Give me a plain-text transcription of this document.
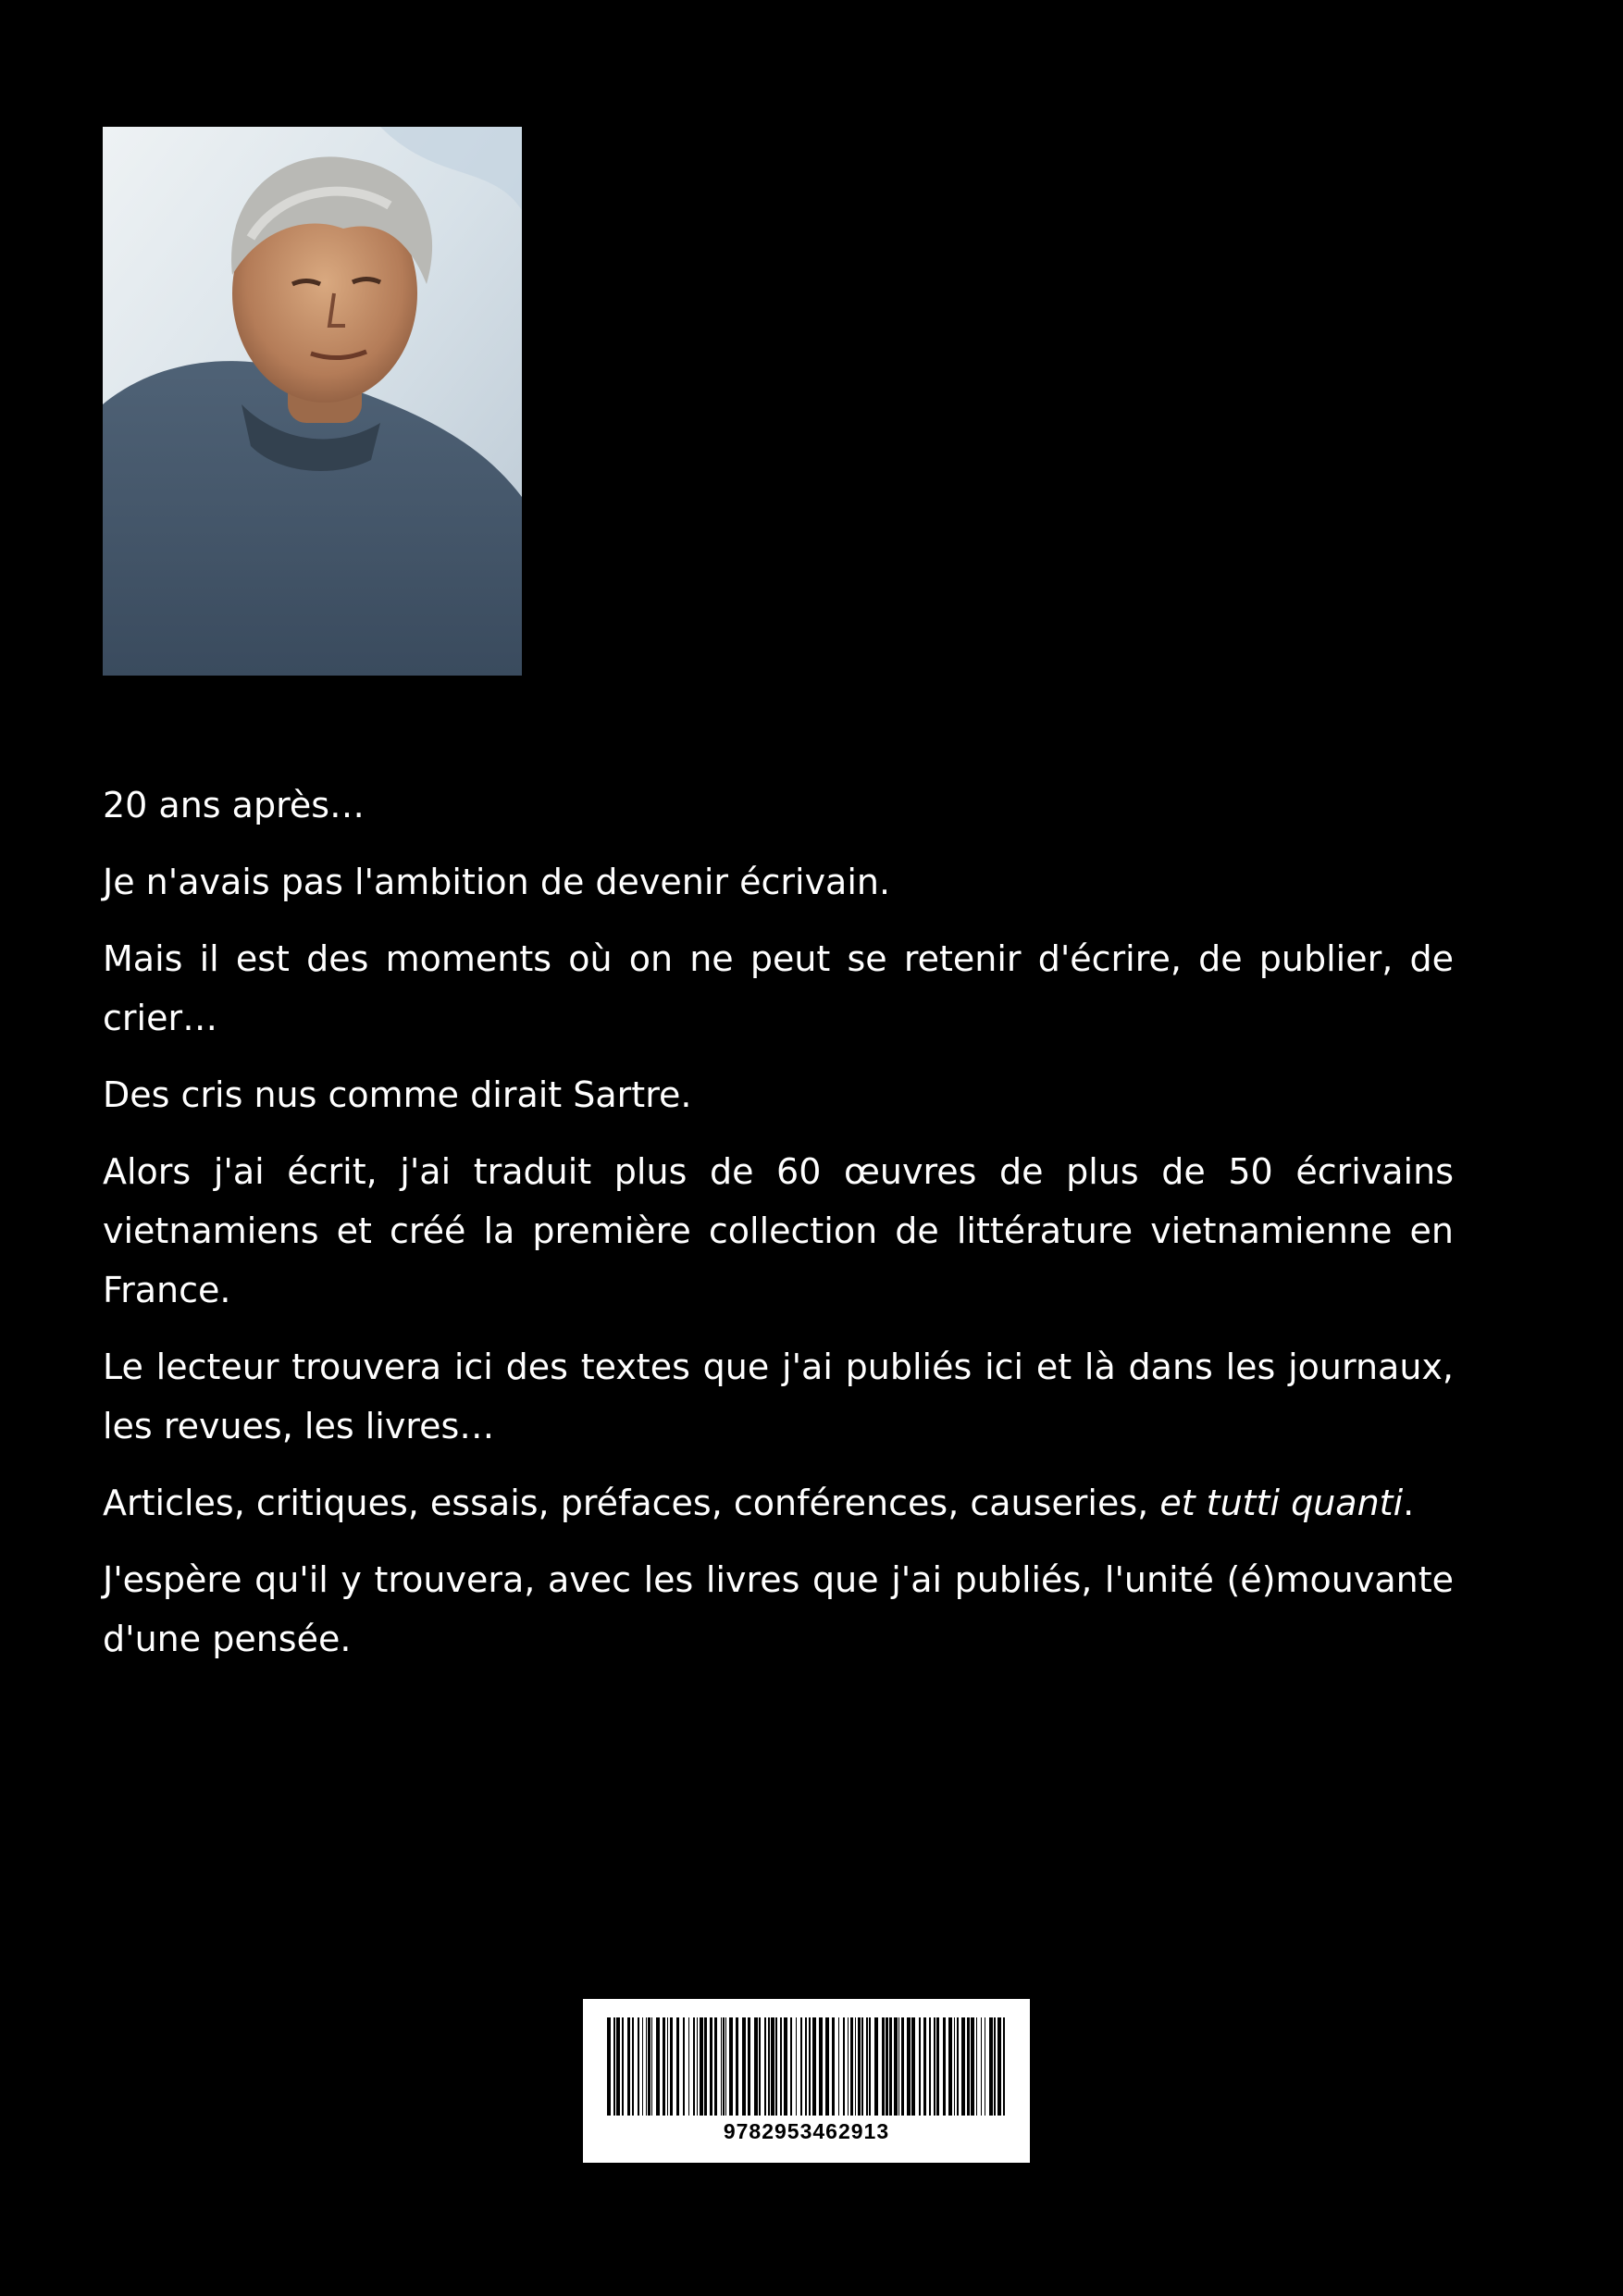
20 ans après…

Je n'avais pas l'ambition de devenir écrivain.

Mais il est des moments où on ne peut se retenir d'écrire, de publier, de crier…

Des cris nus comme dirait Sartre.

Alors j'ai écrit, j'ai traduit plus de 60 œuvres de plus de 50 écrivains vietnamiens et créé la première collection de littérature vietnamienne en France.

Le lecteur trouvera ici des textes que j'ai publiés ici et là dans les journaux, les revues, les livres…

Articles, critiques, essais, préfaces, conférences, causeries, et tutti quanti.

J'espère qu'il y trouvera, avec les livres que j'ai publiés, l'unité (é)mouvante d'une pensée.

9782953462913
